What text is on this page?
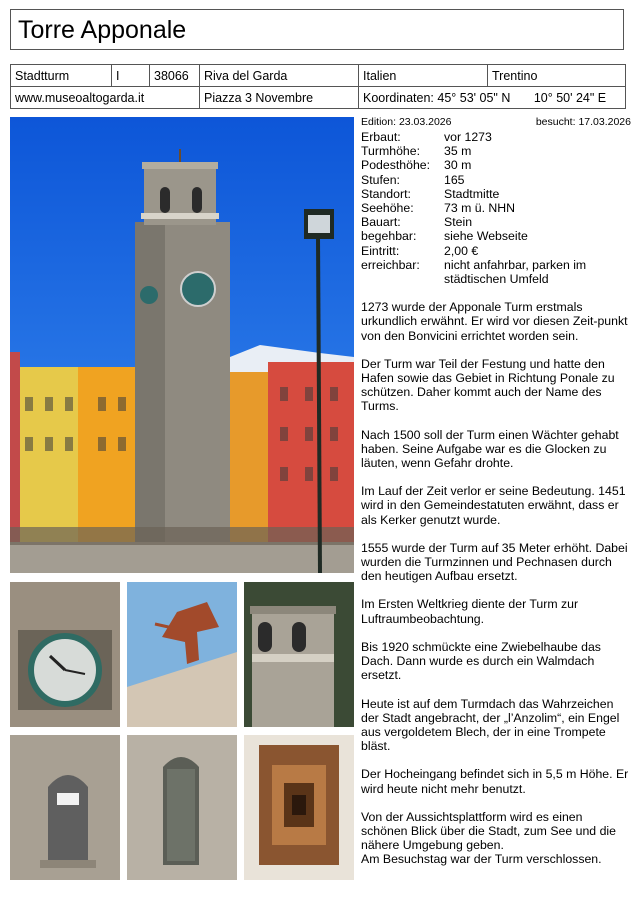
Torre Apponale
Stadtturm	I	38066	Riva del Garda	Italien	Trentino
www.museoaltogarda.it			Piazza 3 Novembre	Koordinaten: 45° 53' 05" N 10° 50' 24" E	
Edition: 23.03.2026	besucht: 17.03.2026
Erbaut:	vor 1273
Turmhöhe:	35 m
Podesthöhe:	30 m
Stufen:	165
Standort:	Stadtmitte
Seehöhe:	73 m ü. NHN
Bauart:	Stein
begehbar:	siehe Webseite
Eintritt:	2,00 €
erreichbar:	nicht anfahrbar, parken im städtischen Umfeld

1273 wurde der Apponale Turm erstmals urkundlich erwähnt. Er wird vor diesen Zeit-punkt von den Bonvicini errichtet worden sein.

Der Turm war Teil der Festung und hatte den Hafen sowie das Gebiet in Richtung Ponale zu schützen. Daher kommt auch der Name des Turms.

Nach 1500 soll der Turm einen Wächter gehabt haben. Seine Aufgabe war es die Glocken zu läuten, wenn Gefahr drohte.

Im Lauf der Zeit verlor er seine Bedeutung. 1451 wird in den Gemeindestatuten erwähnt, dass er als Kerker genutzt wurde.

1555 wurde der Turm auf 35 Meter erhöht. Dabei wurden die Turmzinnen und Pechnasen durch den heutigen Aufbau ersetzt.

Im Ersten Weltkrieg diente der Turm zur Luftraumbeobachtung.

Bis 1920 schmückte eine Zwiebelhaube das Dach. Dann wurde es durch ein Walmdach ersetzt.

Heute ist auf dem Turmdach das Wahrzeichen der Stadt angebracht, der „l’Anzolim“, ein Engel aus vergoldetem Blech, der in eine Trompete bläst.

Der Hocheingang befindet sich in 5,5 m Höhe. Er wird heute nicht mehr benutzt.

Von der Aussichtsplattform wird es einen schönen Blick über die Stadt, zum See und die nähere Umgebung geben.

Am Besuchstag war der Turm verschlossen.
